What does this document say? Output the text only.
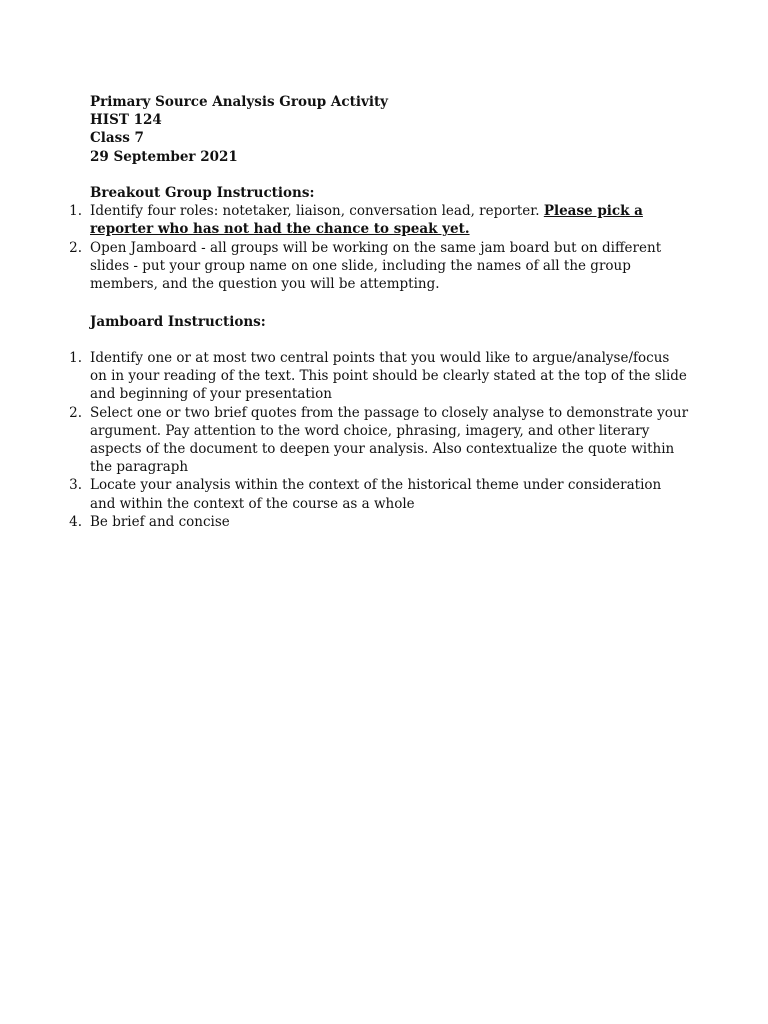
Primary Source Analysis Group Activity
HIST 124
Class 7
29 September 2021
Breakout Group Instructions:
1. Identify four roles: notetaker, liaison, conversation lead, reporter. Please pick a reporter who has not had the chance to speak yet.
2. Open Jamboard - all groups will be working on the same jam board but on different slides - put your group name on one slide, including the names of all the group members, and the question you will be attempting.
Jamboard Instructions:
1. Identify one or at most two central points that you would like to argue/analyse/focus on in your reading of the text. This point should be clearly stated at the top of the slide and beginning of your presentation
2. Select one or two brief quotes from the passage to closely analyse to demonstrate your argument. Pay attention to the word choice, phrasing, imagery, and other literary aspects of the document to deepen your analysis. Also contextualize the quote within the paragraph
3. Locate your analysis within the context of the historical theme under consideration and within the context of the course as a whole
4. Be brief and concise
